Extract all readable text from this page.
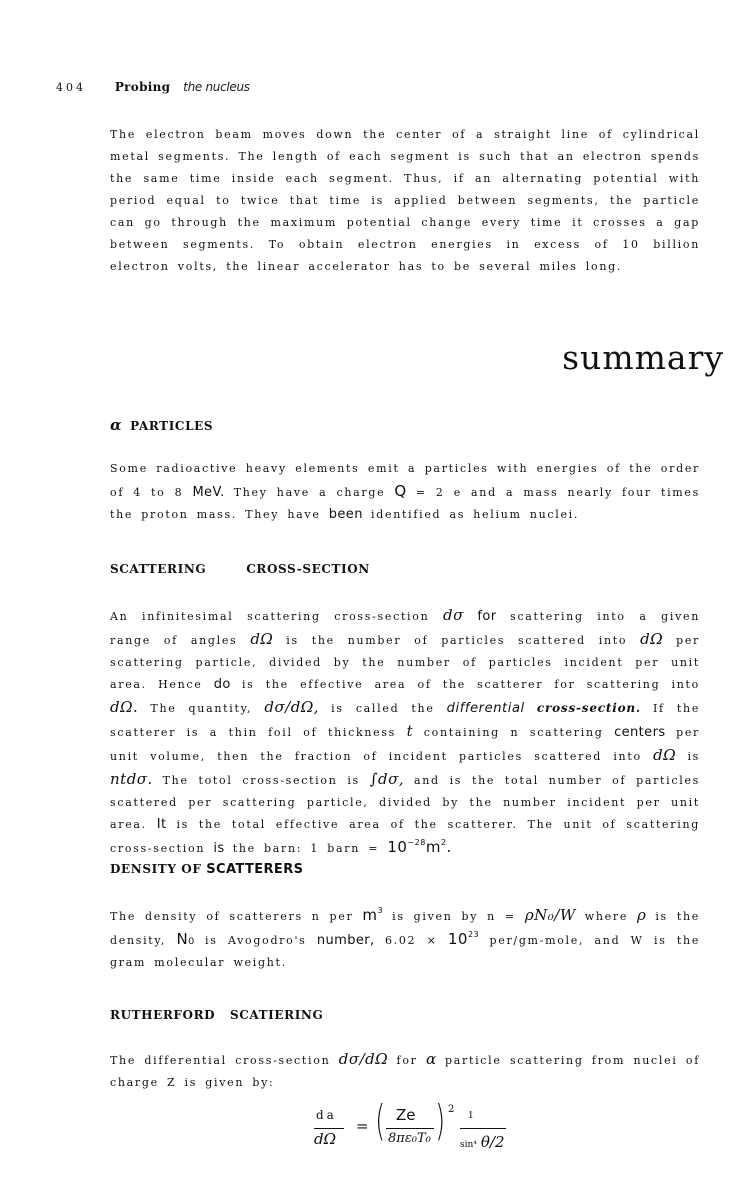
404 Probing the nucleus

The electron beam moves down the center of a straight line of cylindrical metal segments. The length of each segment is such that an electron spends the same time inside each segment. Thus, if an alternating potential with period equal to twice that time is applied between segments, the particle can go through the maximum potential change every time it crosses a gap between segments. To obtain electron energies in excess of 10 billion electron volts, the linear accelerator has to be several miles long.

summary
α PARTICLES

Some radioactive heavy elements emit a particles with energies of the order of 4 to 8 MeV. They have a charge Q = 2 e and a mass nearly four times the proton mass. They have been identified as helium nuclei.

SCATTERING	CROSS-SECTION

An infinitesimal scattering cross-section dσ for scattering into a given range of angles dΩ is the number of particles scattered into dΩ per scattering particle, divided by the number of particles incident per unit area. Hence do is the effective area of the scatterer for scattering into dΩ. The quantity, dσ/dΩ, is called the differential cross-section. If the scatterer is a thin foil of thickness t containing n scattering centers per unit volume, then the fraction of incident particles scattered into dΩ is ntdσ. The totol cross-section is ∫dσ, and is the total number of particles scattered per scattering particle, divided by the number incident per unit area. It is the total effective area of the scatterer. The unit of scattering cross-section is the barn: 1 barn = $10^{-28}m^2$.

DENSITY OF SCATTERERS

The density of scatterers n per $m^3$ is given by n = ρN₀/W where ρ is the density, N₀ is Avogodro's number, $6.02 \times 10^{23}$ per/gm-mole, and W is the gram molecular weight.

RUTHERFORD SCATIERING

The differential cross-section dσ/dΩ for α particle scattering from nuclei of charge Z is given by:

da
dΩ
= ( Ze
8πε₀T₀ ) 2
1
sin⁴ θ/2
